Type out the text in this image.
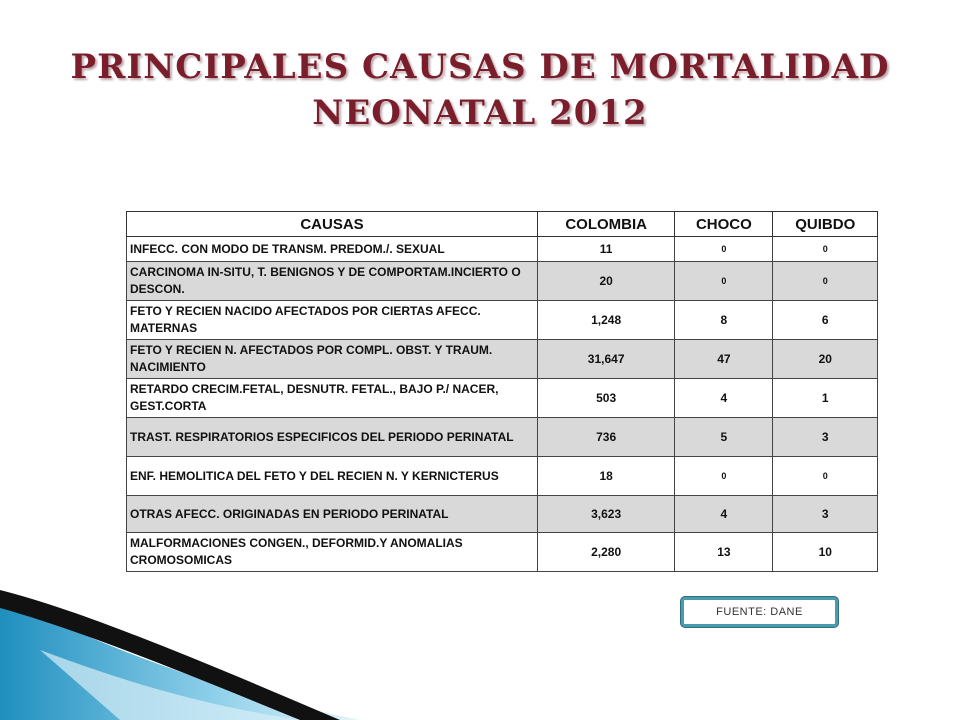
PRINCIPALES CAUSAS DE MORTALIDAD
NEONATAL 2012
CAUSAS	COLOMBIA	CHOCO	QUIBDO
INFECC. CON MODO DE TRANSM. PREDOM./. SEXUAL	11	0	0
CARCINOMA IN-SITU, T. BENIGNOS Y DE COMPORTAM.INCIERTO O DESCON.	20	0	0
FETO Y RECIEN NACIDO AFECTADOS POR CIERTAS AFECC. MATERNAS	1,248	8	6
FETO Y RECIEN N. AFECTADOS POR COMPL. OBST. Y TRAUM. NACIMIENTO	31,647	47	20
RETARDO CRECIM.FETAL, DESNUTR. FETAL., BAJO P./ NACER, GEST.CORTA	503	4	1
TRAST. RESPIRATORIOS ESPECIFICOS DEL PERIODO PERINATAL	736	5	3
ENF. HEMOLITICA DEL FETO Y DEL RECIEN N. Y KERNICTERUS	18	0	0
OTRAS AFECC. ORIGINADAS EN PERIODO PERINATAL	3,623	4	3
MALFORMACIONES CONGEN., DEFORMID.Y ANOMALIAS CROMOSOMICAS	2,280	13	10
FUENTE: DANE
